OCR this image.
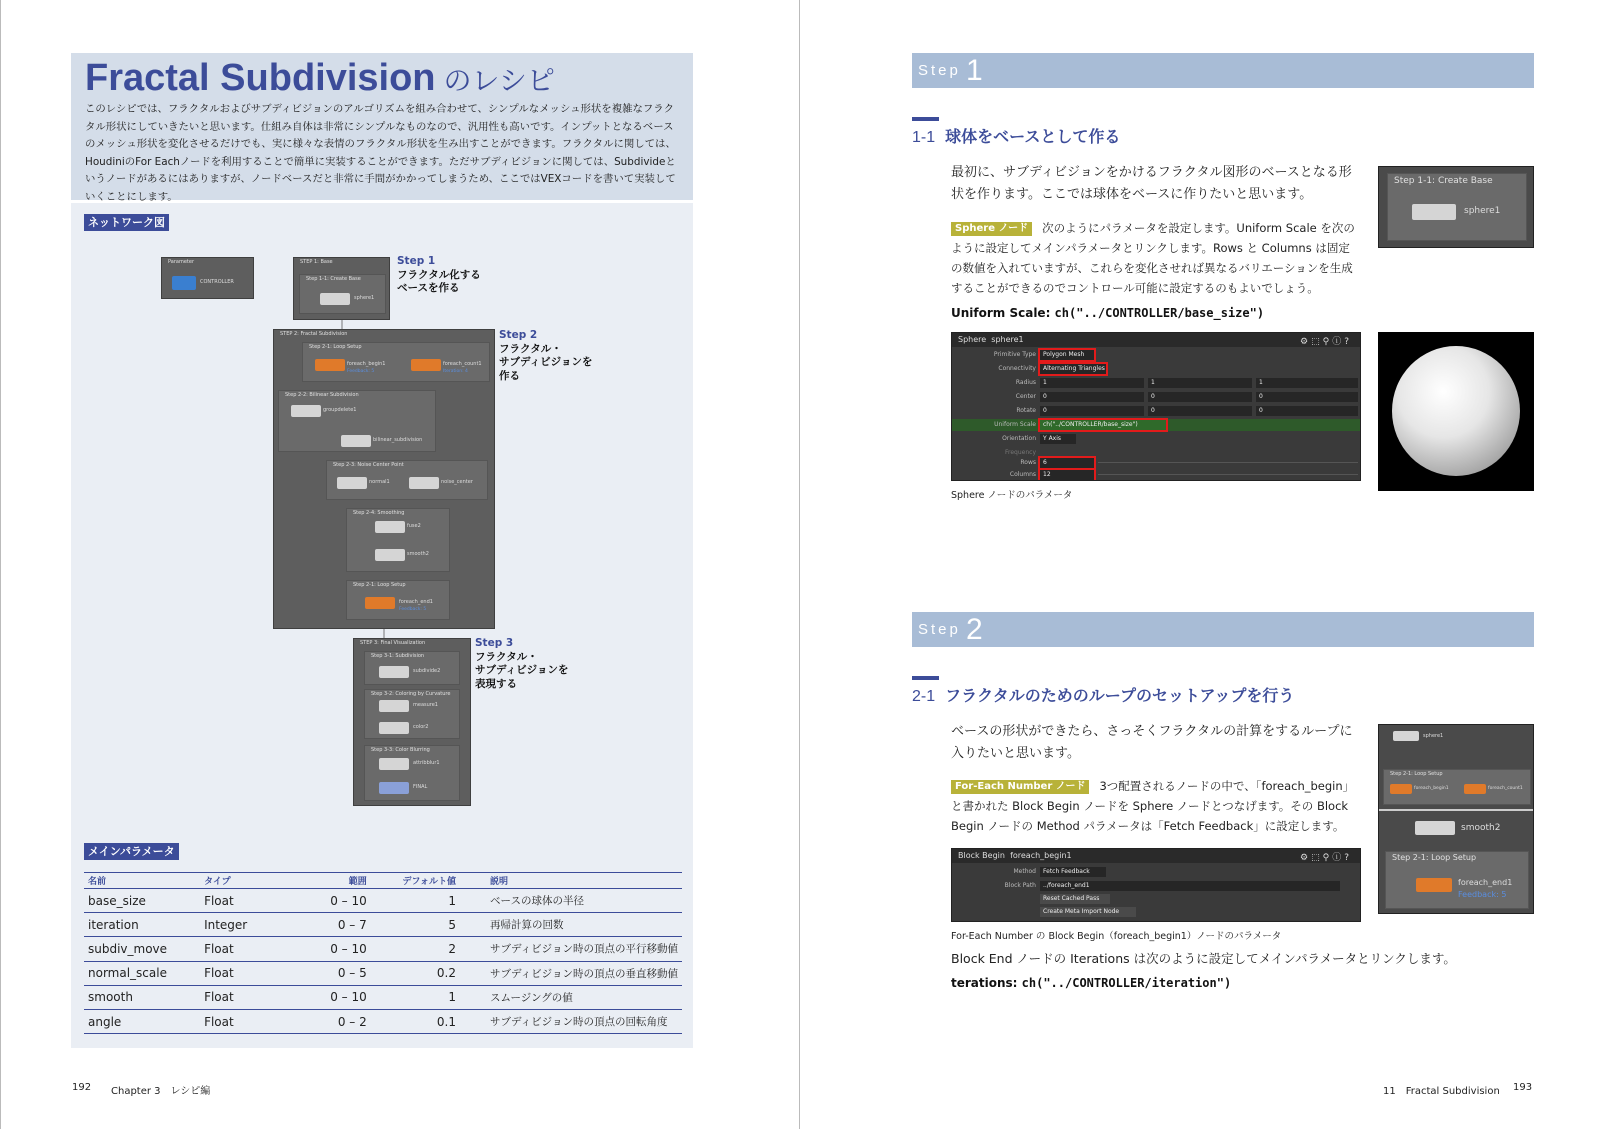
Fractal Subdivision のレシピ
このレシピでは、フラクタルおよびサブディビジョンのアルゴリズムを組み合わせて、シンプルなメッシュ形状を複雑なフラクタル形状にしていきたいと思います。仕組み自体は非常にシンプルなものなので、汎用性も高いです。インプットとなるベースのメッシュ形状を変化させるだけでも、実に様々な表情のフラクタル形状を生み出すことができます。フラクタルに関しては、HoudiniのFor Eachノードを利用することで簡単に実装することができます。ただサブディビジョンに関しては、Subdivideというノードがあるにはありますが、ノードベースだと非常に手間がかかってしまうため、ここではVEXコードを書いて実装していくことにします。
ネットワーク図
Parameter
CONTROLLER
STEP 1: Base
Step 1-1: Create Base
sphere1
STEP 2: Fractal Subdivision
Step 2-1: Loop Setup
foreach_begin1
Feedback: 5
foreach_count1
Iteration: 4
Step 2-2: Bilinear Subdivision
groupdelete1
bilinear_subdivision
Step 2-3: Noise Center Point
normal1	noise_center
Step 2-4: Smoothing
fuse2
smooth2
Step 2-1: Loop Setup
foreach_end1
Feedback: 5
STEP 3: Final Visualization
Step 3-1: Subdivision
subdivide2
Step 3-2: Coloring by Curvature
measure1
color2
Step 3-3: Color Blurring
attribblur1
FINAL
Step 1
フラクタル化する
ベースを作る
Step 2
フラクタル・
サブディビジョンを
作る
Step 3
フラクタル・
サブディビジョンを
表現する
メインパラメータ
名前	タイプ	範囲	デフォルト値	説明
base_size	Float	0 – 10	1	ベースの球体の半径
iteration	Integer	0 – 7	5	再帰計算の回数
subdiv_move	Float	0 – 10	2	サブディビジョン時の頂点の平行移動値
normal_scale	Float	0 – 5	0.2	サブディビジョン時の頂点の垂直移動値
smooth	Float	0 – 10	1	スムージングの値
angle	Float	0 – 2	0.1	サブディビジョン時の頂点の回転角度
192 Chapter 3　レシピ編
Step 1
1-1 球体をベースとして作る
最初に、サブディビジョンをかけるフラクタル図形のベースとなる形状を作ります。ここでは球体をベースに作りたいと思います。
Sphere ノード 次のようにパラメータを設定します。Uniform Scale を次のように設定してメインパラメータとリンクします。Rows と Columns は固定の数値を入れていますが、これらを変化させれば異なるバリエーションを生成することができるのでコントロール可能に設定するのもよいでしょう。
Uniform Scale: ch("../CONTROLLER/base_size")
Step 1-1: Create Base
sphere1
Sphere sphere1	⚙⬚⚲ⓘ?
Primitive Type	Polygon Mesh
Connectivity	Alternating Triangles
Radius	1	1	1
Center	0	0	0
Rotate	0	0	0
Uniform Scale	ch("../CONTROLLER/base_size")
Orientation	Y Axis
Frequency
Rows	6
Columns	12
Sphere ノードのパラメータ
Step 2
2-1 フラクタルのためのループのセットアップを行う
ベースの形状ができたら、さっそくフラクタルの計算をするループに入りたいと思います。
For-Each Number ノード 3つ配置されるノードの中で、「foreach_begin」と書かれた Block Begin ノードを Sphere ノードとつなげます。その Block Begin ノードの Method パラメータは「Fetch Feedback」に設定します。
sphere1
Step 2-1: Loop Setup
foreach_begin1	foreach_count1
smooth2
Step 2-1: Loop Setup
foreach_end1
Feedback: 5
Block Begin foreach_begin1	⚙⬚⚲ⓘ?
Method	Fetch Feedback
Block Path	../foreach_end1
Reset Cached Pass
Create Meta Import Node
For-Each Number の Block Begin（foreach_begin1）ノードのパラメータ
Block End ノードの Iterations は次のように設定してメインパラメータとリンクします。
terations: ch("../CONTROLLER/iteration")
11　Fractal Subdivision 193
